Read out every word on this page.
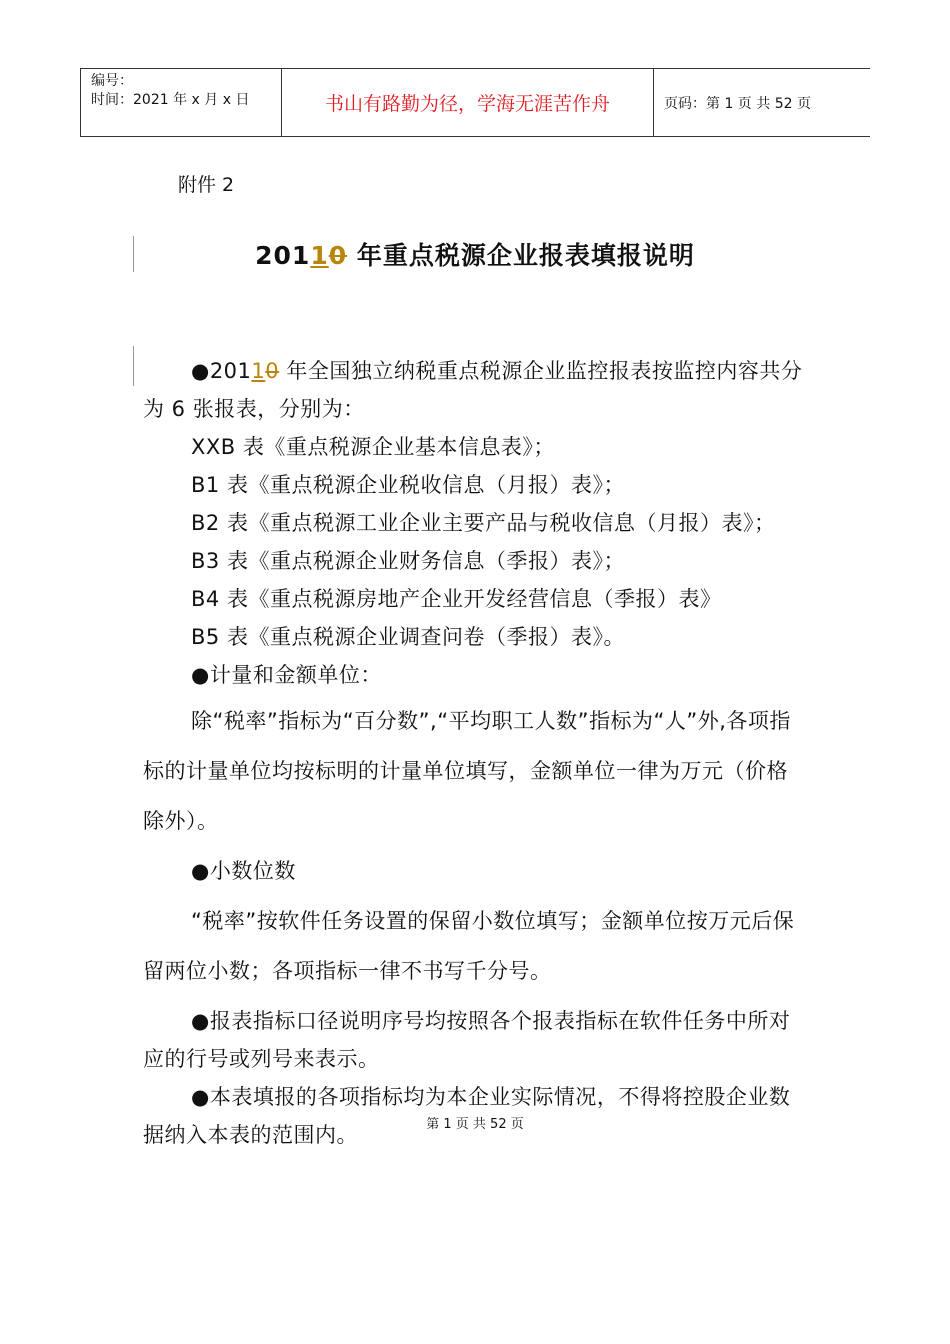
编号：
时间：2021 年 x 月 x 日	书山有路勤为径，学海无涯苦作舟	页码：第 1 页 共 52 页
附件 2
20110 年重点税源企业报表填报说明

●20110 年全国独立纳税重点税源企业监控报表按监控内容共分为 6 张报表，分别为：

XXB 表《重点税源企业基本信息表》；

B1 表《重点税源企业税收信息（月报）表》；

B2 表《重点税源工业企业主要产品与税收信息（月报）表》；

B3 表《重点税源企业财务信息（季报）表》；

B4 表《重点税源房地产企业开发经营信息（季报）表》

B5 表《重点税源企业调查问卷（季报）表》。

●计量和金额单位：

除“税率”指标为“百分数”,“平均职工人数”指标为“人”外,各项指标的计量单位均按标明的计量单位填写，金额单位一律为万元（价格除外）。

●小数位数

“税率”按软件任务设置的保留小数位填写；金额单位按万元后保留两位小数；各项指标一律不书写千分号。

●报表指标口径说明序号均按照各个报表指标在软件任务中所对应的行号或列号来表示。

●本表填报的各项指标均为本企业实际情况，不得将控股企业数据纳入本表的范围内。	第 1 页 共 52 页
